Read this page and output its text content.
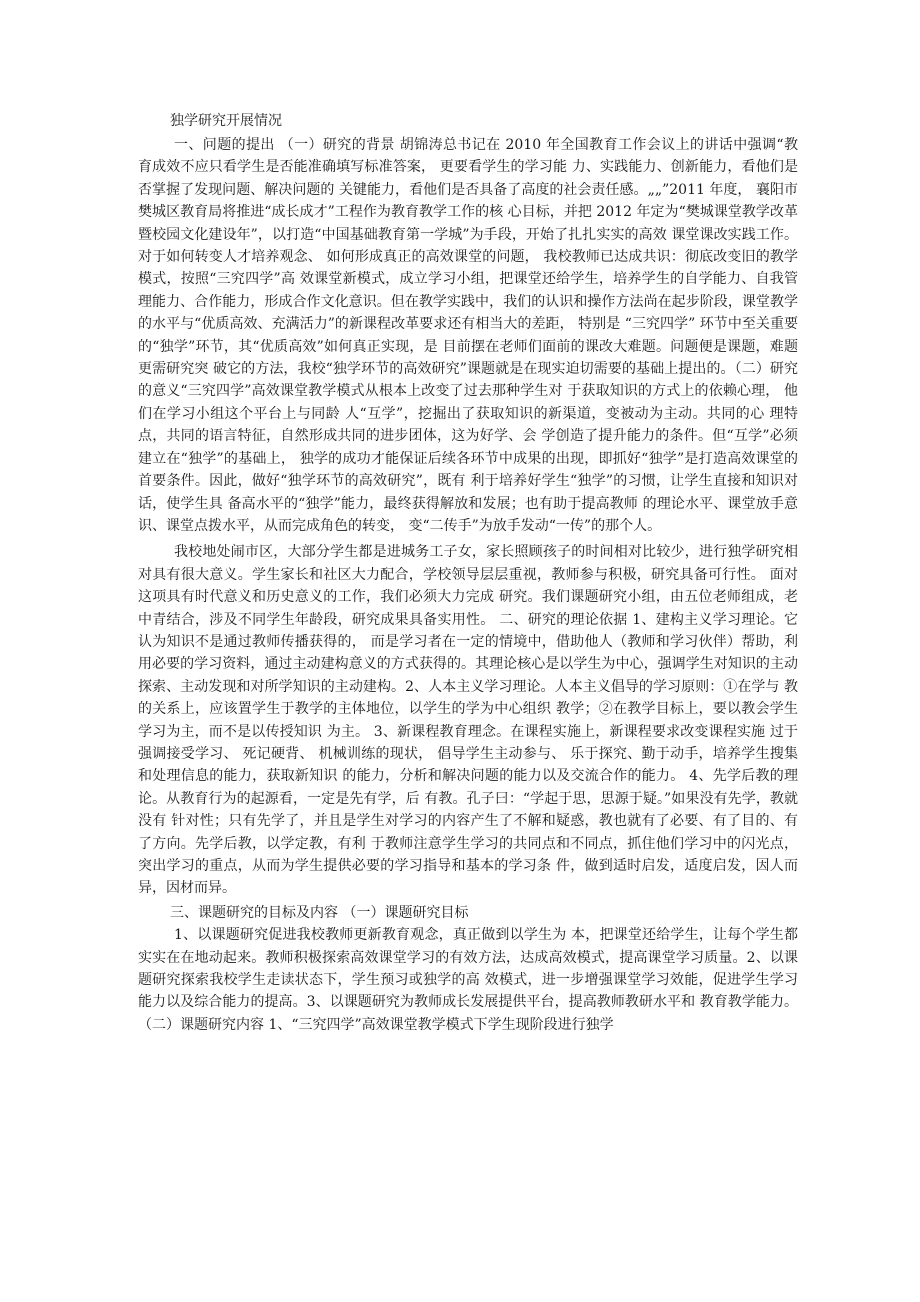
独学研究开展情况

一、问题的提出 （一）研究的背景 胡锦涛总书记在 2010 年全国教育工作会议上的讲话中强调“教 育成效不应只看学生是否能准确填写标准答案， 更要看学生的学习能 力、实践能力、创新能力，看他们是否掌握了发现问题、解决问题的 关键能力，看他们是否具备了高度的社会责任感。„„”2011 年度， 襄阳市樊城区教育局将推进“成长成才”工程作为教育教学工作的核 心目标，并把 2012 年定为“樊城课堂教学改革暨校园文化建设年”，以打造“中国基础教育第一学城”为手段，开始了扎扎实实的高效 课堂课改实践工作。 对于如何转变人才培养观念、 如何形成真正的高效课堂的问题， 我校教师已达成共识：彻底改变旧的教学模式，按照“三究四学”高 效课堂新模式，成立学习小组，把课堂还给学生，培养学生的自学能力、自我管理能力、合作能力，形成合作文化意识。但在教学实践中，我们的认识和操作方法尚在起步阶段，课堂教学的水平与“优质高效、充满活力”的新课程改革要求还有相当大的差距， 特别是 “三究四学” 环节中至关重要的“独学”环节，其“优质高效”如何真正实现，是 目前摆在老师们面前的课改大难题。问题便是课题，难题更需研究突 破它的方法，我校“独学环节的高效研究”课题就是在现实迫切需要的基础上提出的。（二）研究的意义“三究四学”高效课堂教学模式从根本上改变了过去那种学生对 于获取知识的方式上的依赖心理， 他们在学习小组这个平台上与同龄 人“互学”，挖掘出了获取知识的新渠道，变被动为主动。共同的心 理特点，共同的语言特征，自然形成共同的进步团体，这为好学、会 学创造了提升能力的条件。但“互学”必须建立在“独学”的基础上， 独学的成功才能保证后续各环节中成果的出现，即抓好“独学”是打造高效课堂的首要条件。因此，做好“独学环节的高效研究”，既有 利于培养好学生“独学”的习惯，让学生直接和知识对话，使学生具 备高水平的“独学”能力，最终获得解放和发展；也有助于提高教师 的理论水平、课堂放手意识、课堂点拨水平，从而完成角色的转变， 变“二传手”为放手发动“一传”的那个人。

我校地处闹市区，大部分学生都是进城务工子女，家长照顾孩子的时间相对比较少，进行独学研究相对具有很大意义。学生家长和社区大力配合，学校领导层层重视，教师参与积极，研究具备可行性。 面对这项具有时代意义和历史意义的工作，我们必须大力完成 研究。我们课题研究小组，由五位老师组成，老中青结合，涉及不同学生年龄段，研究成果具备实用性。 二、研究的理论依据 1、建构主义学习理论。它认为知识不是通过教师传播获得的， 而是学习者在一定的情境中，借助他人（教师和学习伙伴）帮助，利 用必要的学习资料，通过主动建构意义的方式获得的。其理论核心是以学生为中心，强调学生对知识的主动探索、主动发现和对所学知识的主动建构。2、人本主义学习理论。人本主义倡导的学习原则：①在学与 教的关系上，应该置学生于教学的主体地位，以学生的学为中心组织 教学；②在教学目标上，要以教会学生学习为主，而不是以传授知识 为主。 3、新课程教育理念。在课程实施上，新课程要求改变课程实施 过于强调接受学习、 死记硬背、 机械训练的现状， 倡导学生主动参与、 乐于探究、勤于动手，培养学生搜集和处理信息的能力，获取新知识 的能力，分析和解决问题的能力以及交流合作的能力。 4、先学后教的理论。从教育行为的起源看，一定是先有学，后 有教。孔子曰：“学起于思，思源于疑。”如果没有先学，教就没有 针对性；只有先学了，并且是学生对学习的内容产生了不解和疑惑，教也就有了必要、有了目的、有了方向。先学后教，以学定教，有利 于教师注意学生学习的共同点和不同点，抓住他们学习中的闪光点， 突出学习的重点，从而为学生提供必要的学习指导和基本的学习条 件，做到适时启发，适度启发，因人而异，因材而异。

三、课题研究的目标及内容 （一）课题研究目标

1、以课题研究促进我校教师更新教育观念，真正做到以学生为 本，把课堂还给学生，让每个学生都实实在在地动起来。教师积极探索高效课堂学习的有效方法，达成高效模式，提高课堂学习质量。2、以课题研究探索我校学生走读状态下，学生预习或独学的高 效模式，进一步增强课堂学习效能，促进学生学习能力以及综合能力的提高。3、以课题研究为教师成长发展提供平台，提高教师教研水平和 教育教学能力。 （二）课题研究内容 1、“三究四学”高效课堂教学模式下学生现阶段进行独学
